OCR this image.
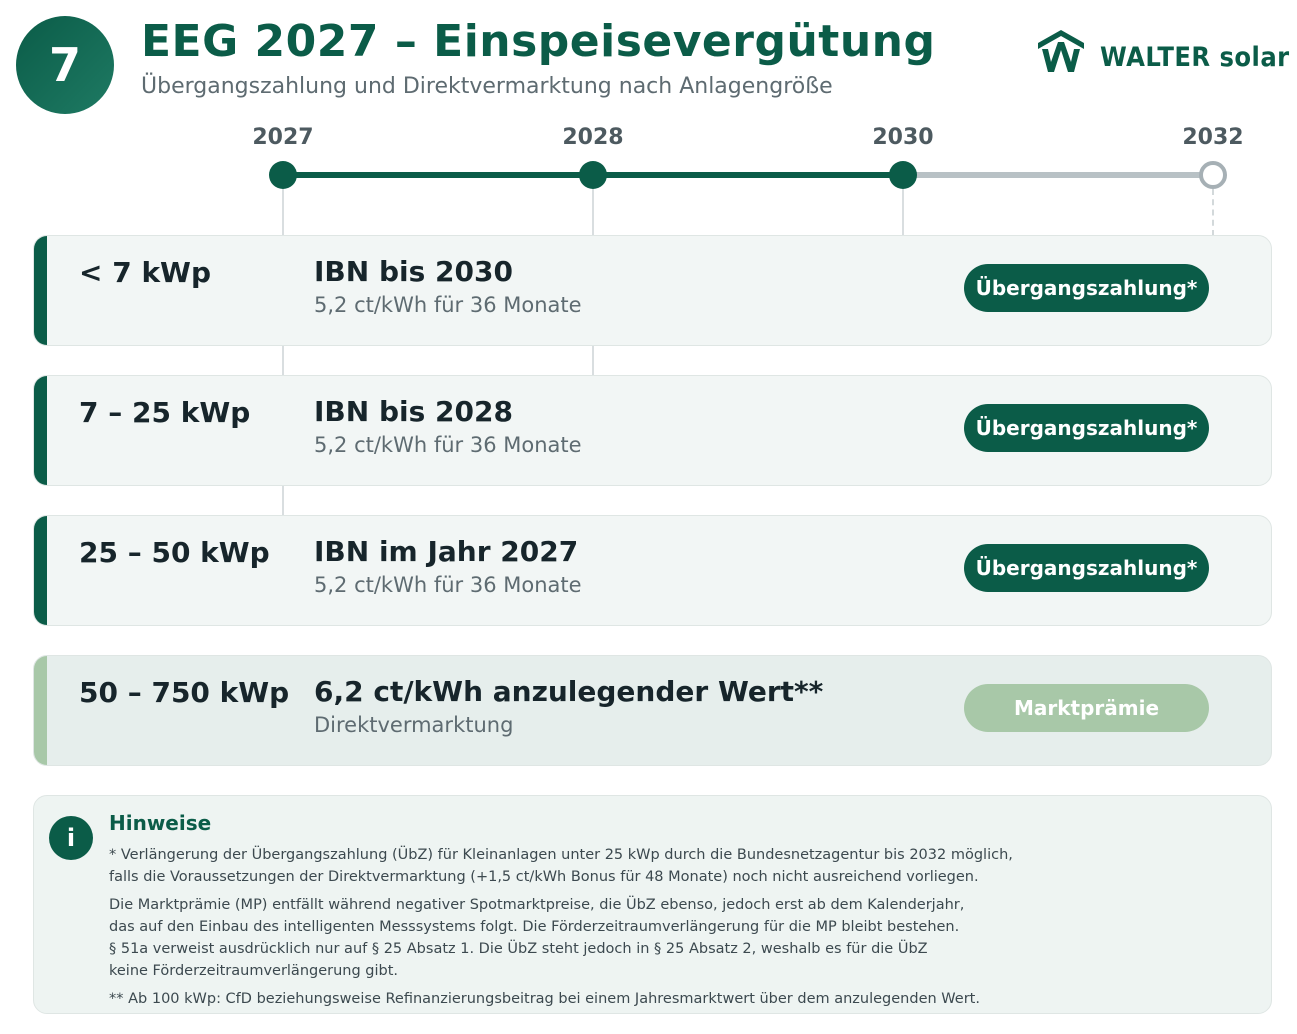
7	EEG 2027 – Einspeisevergütung
Übergangszahlung und Direktvermarktung nach Anlagengröße
WALTER solar
2027	2028	2030	2032
< 7 kWp	IBN bis 2030
5,2 ct/kWh für 36 Monate
Übergangszahlung*
7 – 25 kWp IBN bis 2028
5,2 ct/kWh für 36 Monate
Übergangszahlung*
25 – 50 kWp IBN im Jahr 2027
5,2 ct/kWh für 36 Monate
Übergangszahlung*
50 – 750 kWp 6,2 ct/kWh anzulegender Wert**
Direktvermarktung
Marktprämie
i
Hinweise

* Verlängerung der Übergangszahlung (ÜbZ) für Kleinanlagen unter 25 kWp durch die Bundesnetzagentur bis 2032 möglich,
falls die Voraussetzungen der Direktvermarktung (+1,5 ct/kWh Bonus für 48 Monate) noch nicht ausreichend vorliegen.

Die Marktprämie (MP) entfällt während negativer Spotmarktpreise, die ÜbZ ebenso, jedoch erst ab dem Kalenderjahr,
das auf den Einbau des intelligenten Messsystems folgt. Die Förderzeitraumverlängerung für die MP bleibt bestehen.
§ 51a verweist ausdrücklich nur auf § 25 Absatz 1. Die ÜbZ steht jedoch in § 25 Absatz 2, weshalb es für die ÜbZ
keine Förderzeitraumverlängerung gibt.

** Ab 100 kWp: CfD beziehungsweise Refinanzierungsbeitrag bei einem Jahresmarktwert über dem anzulegenden Wert.
